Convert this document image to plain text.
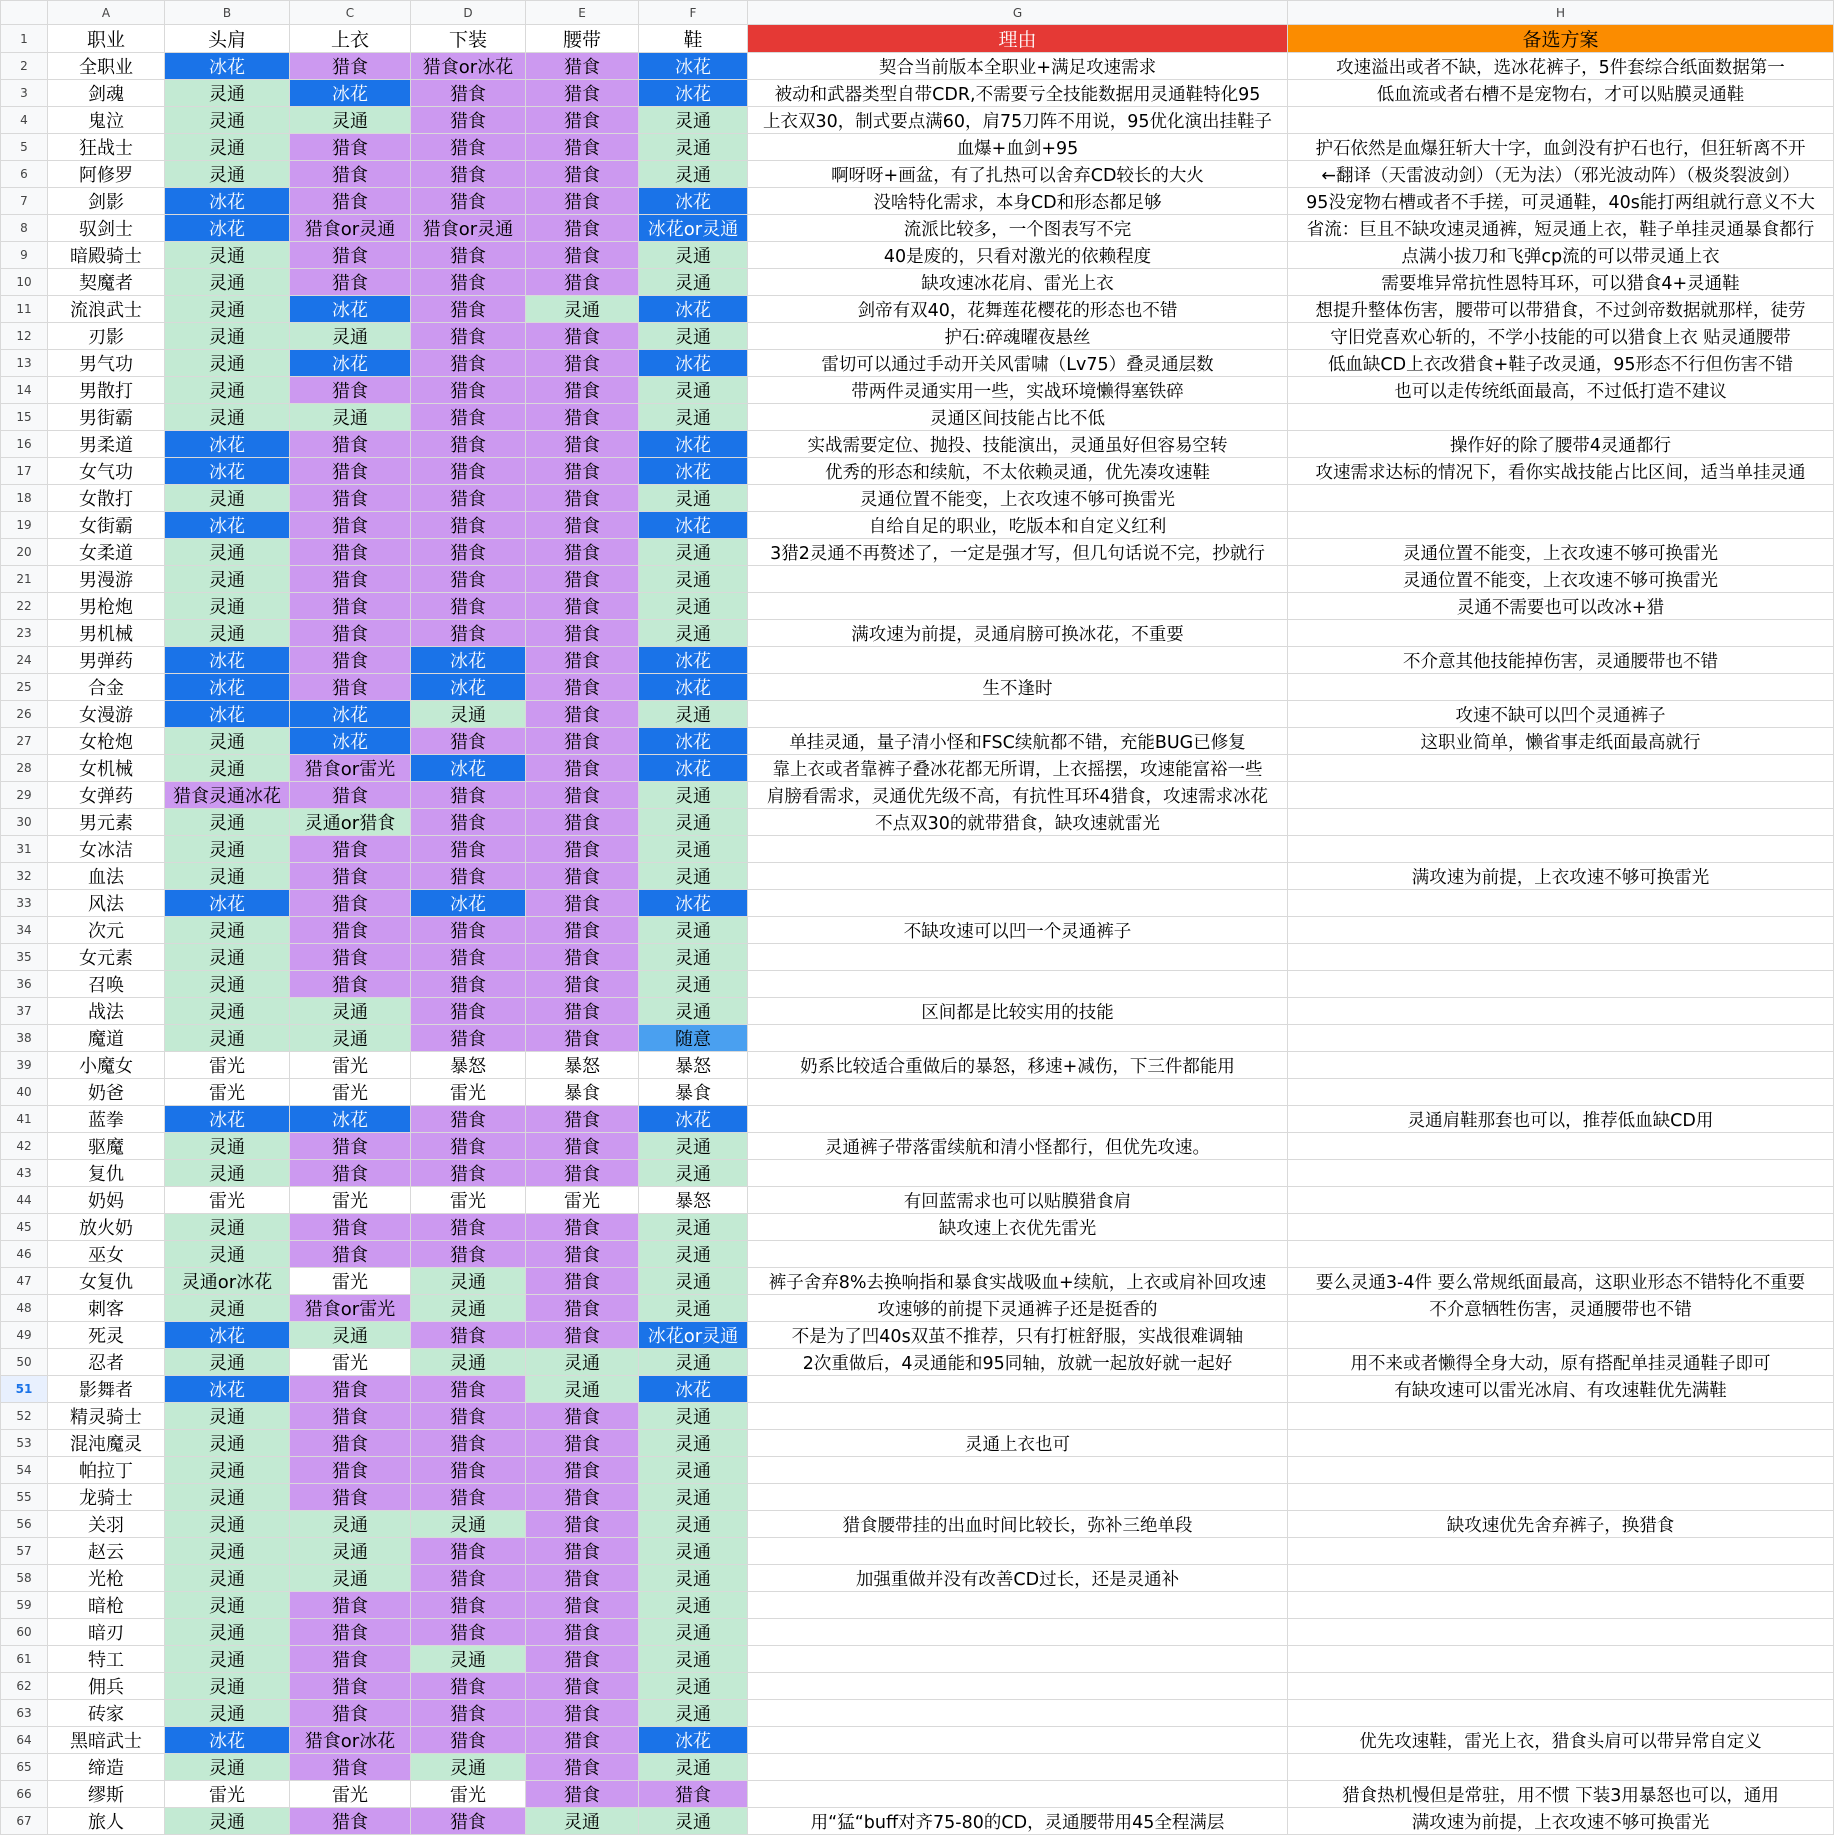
	A	B	C	D	E	F	G	H
1	职业	头肩	上衣	下装	腰带	鞋	理由	备选方案
2	全职业	冰花	猎食	猎食or冰花	猎食	冰花	契合当前版本全职业+满足攻速需求	攻速溢出或者不缺，选冰花裤子，5件套综合纸面数据第一
3	剑魂	灵通	冰花	猎食	猎食	冰花	被动和武器类型自带CDR,不需要亏全技能数据用灵通鞋特化95	低血流或者右槽不是宠物右，才可以贴膜灵通鞋
4	鬼泣	灵通	灵通	猎食	猎食	灵通	上衣双30，制式要点满60，肩75刀阵不用说，95优化演出挂鞋子	
5	狂战士	灵通	猎食	猎食	猎食	灵通	血爆+血剑+95	护石依然是血爆狂斩大十字，血剑没有护石也行，但狂斩离不开
6	阿修罗	灵通	猎食	猎食	猎食	灵通	啊呀呀+画盆，有了扎热可以舍弃CD较长的大火	←翻译（天雷波动剑）（无为法）（邪光波动阵）（极炎裂波剑）
7	剑影	冰花	猎食	猎食	猎食	冰花	没啥特化需求，本身CD和形态都足够	95没宠物右槽或者不手搓，可灵通鞋，40s能打两组就行意义不大
8	驭剑士	冰花	猎食or灵通	猎食or灵通	猎食	冰花or灵通	流派比较多，一个图表写不完	省流：巨且不缺攻速灵通裤，短灵通上衣，鞋子单挂灵通暴食都行
9	暗殿骑士	灵通	猎食	猎食	猎食	灵通	40是废的，只看对激光的依赖程度	点满小拔刀和飞弹cp流的可以带灵通上衣
10	契魔者	灵通	猎食	猎食	猎食	灵通	缺攻速冰花肩、雷光上衣	需要堆异常抗性恩特耳环，可以猎食4+灵通鞋
11	流浪武士	灵通	冰花	猎食	灵通	冰花	剑帝有双40，花舞莲花樱花的形态也不错	想提升整体伤害，腰带可以带猎食，不过剑帝数据就那样，徒劳
12	刃影	灵通	灵通	猎食	猎食	灵通	护石:碎魂曜夜悬丝	守旧党喜欢心斩的，不学小技能的可以猎食上衣 贴灵通腰带
13	男气功	灵通	冰花	猎食	猎食	冰花	雷切可以通过手动开关风雷啸（Lv75）叠灵通层数	低血缺CD上衣改猎食+鞋子改灵通，95形态不行但伤害不错
14	男散打	灵通	猎食	猎食	猎食	灵通	带两件灵通实用一些，实战环境懒得塞铁碎	也可以走传统纸面最高，不过低打造不建议
15	男街霸	灵通	灵通	猎食	猎食	灵通	灵通区间技能占比不低	
16	男柔道	冰花	猎食	猎食	猎食	冰花	实战需要定位、抛投、技能演出，灵通虽好但容易空转	操作好的除了腰带4灵通都行
17	女气功	冰花	猎食	猎食	猎食	冰花	优秀的形态和续航，不太依赖灵通，优先凑攻速鞋	攻速需求达标的情况下，看你实战技能占比区间，适当单挂灵通
18	女散打	灵通	猎食	猎食	猎食	灵通	灵通位置不能变，上衣攻速不够可换雷光	
19	女街霸	冰花	猎食	猎食	猎食	冰花	自给自足的职业，吃版本和自定义红利	
20	女柔道	灵通	猎食	猎食	猎食	灵通	3猎2灵通不再赘述了，一定是强才写，但几句话说不完，抄就行	灵通位置不能变，上衣攻速不够可换雷光
21	男漫游	灵通	猎食	猎食	猎食	灵通		灵通位置不能变，上衣攻速不够可换雷光
22	男枪炮	灵通	猎食	猎食	猎食	灵通		灵通不需要也可以改冰+猎
23	男机械	灵通	猎食	猎食	猎食	灵通	满攻速为前提，灵通肩膀可换冰花，不重要	
24	男弹药	冰花	猎食	冰花	猎食	冰花		不介意其他技能掉伤害，灵通腰带也不错
25	合金	冰花	猎食	冰花	猎食	冰花	生不逢时	
26	女漫游	冰花	冰花	灵通	猎食	灵通		攻速不缺可以凹个灵通裤子
27	女枪炮	灵通	冰花	猎食	猎食	冰花	单挂灵通，量子清小怪和FSC续航都不错，充能BUG已修复	这职业简单，懒省事走纸面最高就行
28	女机械	灵通	猎食or雷光	冰花	猎食	冰花	靠上衣或者靠裤子叠冰花都无所谓，上衣摇摆，攻速能富裕一些	
29	女弹药	猎食灵通冰花	猎食	猎食	猎食	灵通	肩膀看需求，灵通优先级不高，有抗性耳环4猎食，攻速需求冰花	
30	男元素	灵通	灵通or猎食	猎食	猎食	灵通	不点双30的就带猎食，缺攻速就雷光	
31	女冰洁	灵通	猎食	猎食	猎食	灵通		
32	血法	灵通	猎食	猎食	猎食	灵通		满攻速为前提，上衣攻速不够可换雷光
33	风法	冰花	猎食	冰花	猎食	冰花		
34	次元	灵通	猎食	猎食	猎食	灵通	不缺攻速可以凹一个灵通裤子	
35	女元素	灵通	猎食	猎食	猎食	灵通		
36	召唤	灵通	猎食	猎食	猎食	灵通		
37	战法	灵通	灵通	猎食	猎食	灵通	区间都是比较实用的技能	
38	魔道	灵通	灵通	猎食	猎食	随意		
39	小魔女	雷光	雷光	暴怒	暴怒	暴怒	奶系比较适合重做后的暴怒，移速+减伤，下三件都能用	
40	奶爸	雷光	雷光	雷光	暴食	暴食		
41	蓝拳	冰花	冰花	猎食	猎食	冰花		灵通肩鞋那套也可以，推荐低血缺CD用
42	驱魔	灵通	猎食	猎食	猎食	灵通	灵通裤子带落雷续航和清小怪都行，但优先攻速。	
43	复仇	灵通	猎食	猎食	猎食	灵通		
44	奶妈	雷光	雷光	雷光	雷光	暴怒	有回蓝需求也可以贴膜猎食肩	
45	放火奶	灵通	猎食	猎食	猎食	灵通	缺攻速上衣优先雷光	
46	巫女	灵通	猎食	猎食	猎食	灵通		
47	女复仇	灵通or冰花	雷光	灵通	猎食	灵通	裤子舍弃8%去换响指和暴食实战吸血+续航，上衣或肩补回攻速	要么灵通3-4件 要么常规纸面最高，这职业形态不错特化不重要
48	刺客	灵通	猎食or雷光	灵通	猎食	灵通	攻速够的前提下灵通裤子还是挺香的	不介意牺牲伤害，灵通腰带也不错
49	死灵	冰花	灵通	猎食	猎食	冰花or灵通	不是为了凹40s双茧不推荐，只有打桩舒服，实战很难调轴	
50	忍者	灵通	雷光	灵通	灵通	灵通	2次重做后，4灵通能和95同轴，放就一起放好就一起好	用不来或者懒得全身大动，原有搭配单挂灵通鞋子即可
51	影舞者	冰花	猎食	猎食	灵通	冰花		有缺攻速可以雷光冰肩、有攻速鞋优先满鞋
52	精灵骑士	灵通	猎食	猎食	猎食	灵通		
53	混沌魔灵	灵通	猎食	猎食	猎食	灵通	灵通上衣也可	
54	帕拉丁	灵通	猎食	猎食	猎食	灵通		
55	龙骑士	灵通	猎食	猎食	猎食	灵通		
56	关羽	灵通	灵通	灵通	猎食	灵通	猎食腰带挂的出血时间比较长，弥补三绝单段	缺攻速优先舍弃裤子，换猎食
57	赵云	灵通	灵通	猎食	猎食	灵通		
58	光枪	灵通	灵通	猎食	猎食	灵通	加强重做并没有改善CD过长，还是灵通补	
59	暗枪	灵通	猎食	猎食	猎食	灵通		
60	暗刃	灵通	猎食	猎食	猎食	灵通		
61	特工	灵通	猎食	灵通	猎食	灵通		
62	佣兵	灵通	猎食	猎食	猎食	灵通		
63	砖家	灵通	猎食	猎食	猎食	灵通		
64	黑暗武士	冰花	猎食or冰花	猎食	猎食	冰花		优先攻速鞋，雷光上衣，猎食头肩可以带异常自定义
65	缔造	灵通	猎食	灵通	猎食	灵通		
66	缪斯	雷光	雷光	雷光	猎食	猎食		猎食热机慢但是常驻，用不惯 下装3用暴怒也可以，通用
67	旅人	灵通	猎食	猎食	灵通	灵通	用“猛“buff对齐75-80的CD，灵通腰带用45全程满层	满攻速为前提，上衣攻速不够可换雷光
